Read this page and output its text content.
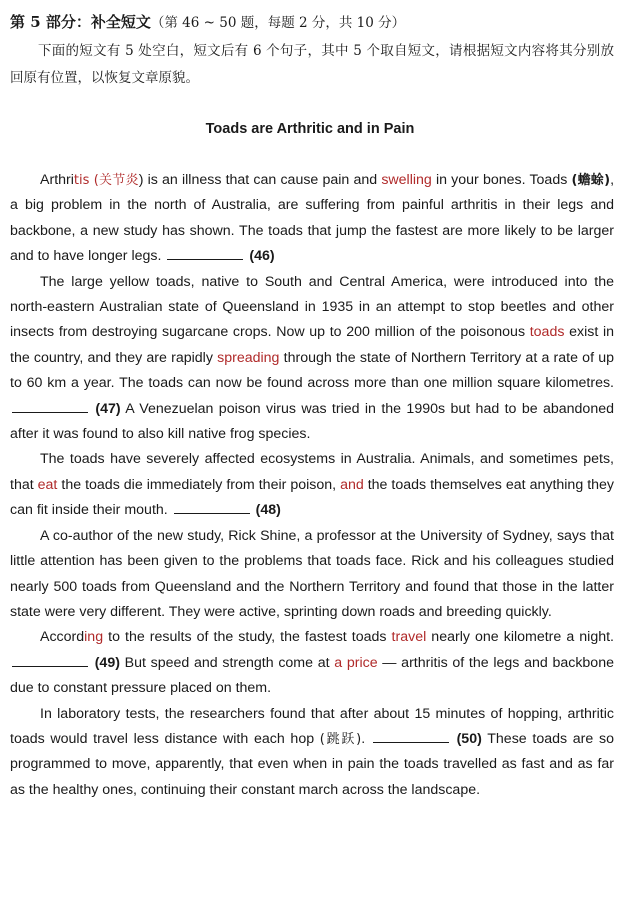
第 5 部分：补全短文（第 46 ~ 50 题，每题 2 分，共 10 分）
下面的短文有 5 处空白，短文后有 6 个句子，其中 5 个取自短文，请根据短文内容将其分别放回原有位置，以恢复文章原貌。
Toads are Arthritic and in Pain

Arthritis (关节炎) is an illness that can cause pain and swelling in your bones. Toads (蟾蜍), a big problem in the north of Australia, are suffering from painful arthritis in their legs and backbone, a new study has shown. The toads that jump the fastest are more likely to be larger and to have longer legs.	(46)

The large yellow toads, native to South and Central America, were introduced into the north-eastern Australian state of Queensland in 1935 in an attempt to stop beetles and other insects from destroying sugarcane crops. Now up to 200 million of the poisonous toads exist in the country, and they are rapidly spreading through the state of Northern Territory at a rate of up to 60 km a year. The toads can now be found across more than one million square kilometres.  (47) A Venezuelan poison virus was tried in the 1990s but had to be abandoned after it was found to also kill native frog species.

The toads have severely affected ecosystems in Australia. Animals, and sometimes pets, that eat the toads die immediately from their poison, and the toads themselves eat anything they can fit inside their mouth.	(48)

A co-author of the new study, Rick Shine, a professor at the University of Sydney, says that little attention has been given to the problems that toads face. Rick and his colleagues studied nearly 500 toads from Queensland and the Northern Territory and found that those in the latter state were very different. They were active, sprinting down roads and breeding quickly.

According to the results of the study, the fastest toads travel nearly one kilometre a night.  (49) But speed and strength come at a price — arthritis of the legs and backbone due to constant pressure placed on them.

In laboratory tests, the researchers found that after about 15 minutes of hopping, arthritic toads would travel less distance with each hop (跳跃).	(50) These toads are so programmed to move, apparently, that even when in pain the toads travelled as fast and as far as the healthy ones, continuing their constant march across the landscape.
